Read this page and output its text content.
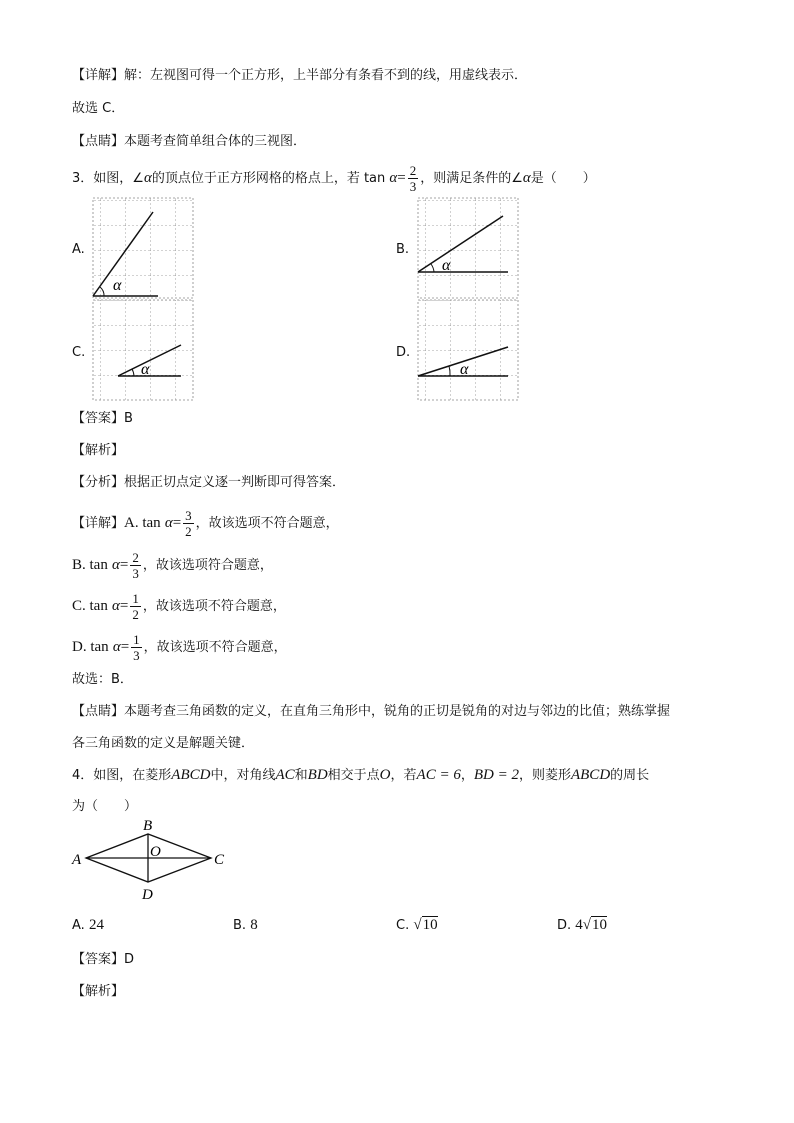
【详解】解：左视图可得一个正方形，上半部分有条看不到的线，用虚线表示．
故选 C．
【点睛】本题考查简单组合体的三视图．
3．如图，∠α的顶点位于正方形网格的格点上，若 $\tan \alpha= \frac{2}{3}$ ，则满足条件的∠α是（　　）
A.	B.
C.	D.
α
α
α	α
A
B
C
D
O
【答案】B
【解析】
【分析】根据正切点定义逐一判断即可得答案．
【详解】A. $\tan \alpha= \frac{3}{2}$ ，故该选项不符合题意，
B. $\tan \alpha= \frac{2}{3}$ ，故该选项符合题意，
C. $\tan \alpha= \frac{1}{2}$ ，故该选项不符合题意，
D. $\tan \alpha= \frac{1}{3}$ ，故该选项不符合题意，
故选：B．
【点睛】本题考查三角函数的定义，在直角三角形中，锐角的正切是锐角的对边与邻边的比值；熟练掌握
各三角函数的定义是解题关键．
4．如图，在菱形ABCD中，对角线AC和BD相交于点O，若AC = 6，BD = 2，则菱形ABCD的周长
为（　　）
A. 24	B. 8	C. √10	D. 4√10
【答案】D
【解析】
